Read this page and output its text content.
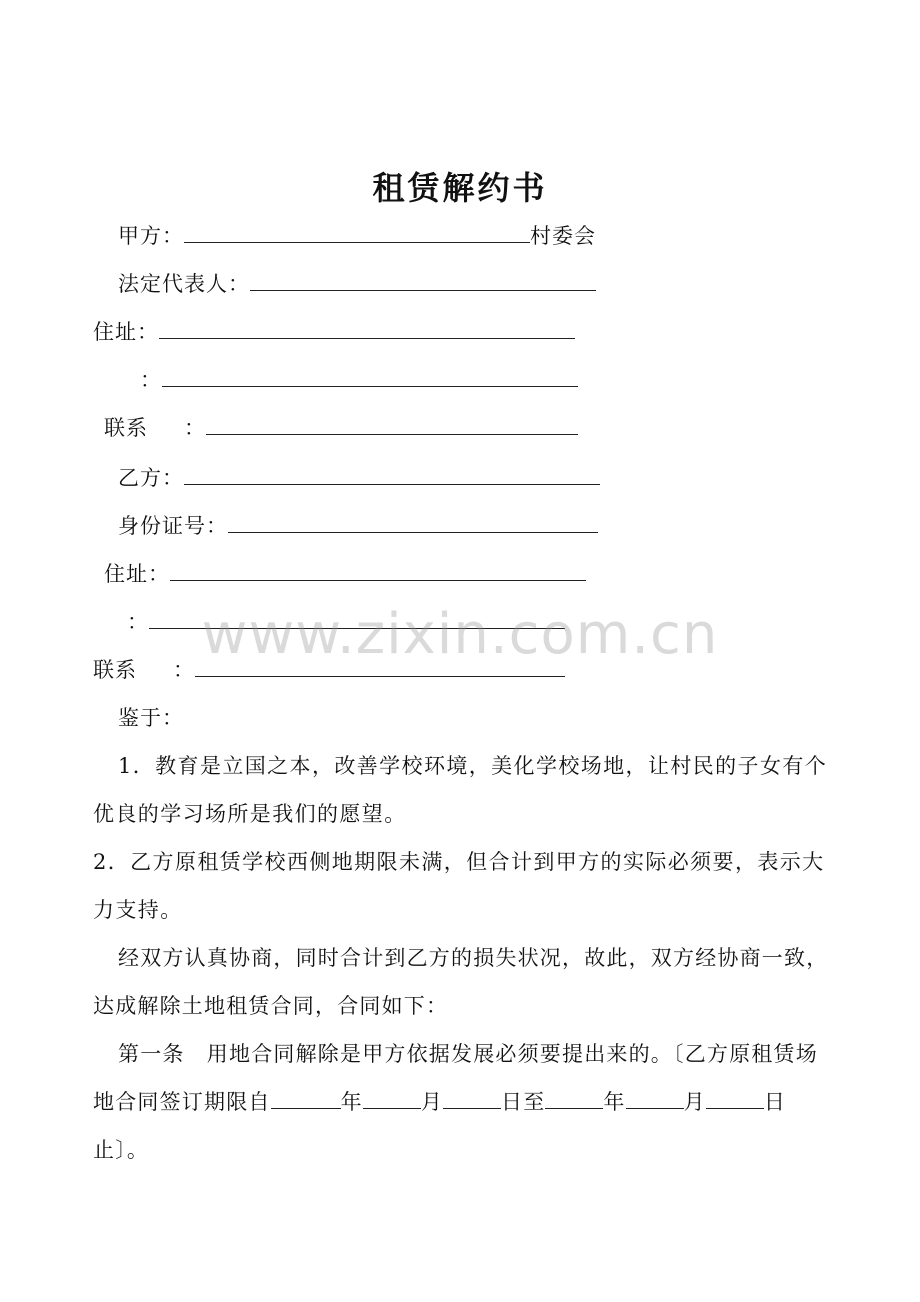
租赁解约书
甲方：	村委会
法定代表人：
住址：
：
联系 ：
乙方：
身份证号：
住址：
：
联系 ：
鉴于：
1．教育是立国之本，改善学校环境，美化学校场地，让村民的子女有个优良的学习场所是我们的愿望。
2．乙方原租赁学校西侧地期限未满，但合计到甲方的实际必须要，表示大力支持。
经双方认真协商，同时合计到乙方的损失状况，故此，双方经协商一致，达成解除土地租赁合同，合同如下：
第一条　用地合同解除是甲方依据发展必须要提出来的。〔乙方原租赁场地合同签订期限自	年	月	日至	年	月	日止〕。
www.zixin.com.cn
